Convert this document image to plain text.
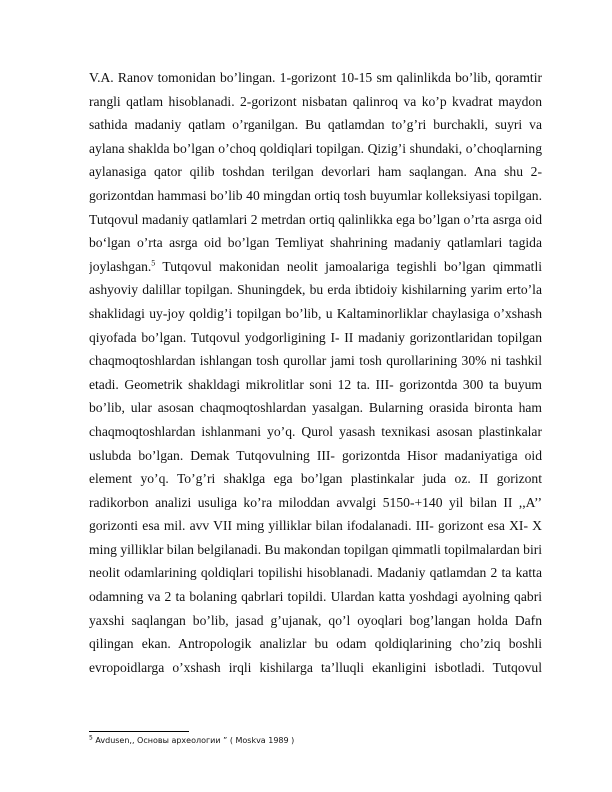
V.A. Ranov tomonidan bo’lingan. 1-gorizont 10-15 sm qalinlikda bo’lib, qoramtir
rangli qatlam hisoblanadi. 2-gorizont nisbatan qalinroq va ko’p kvadrat maydon
sathida madaniy qatlam o’rganilgan. Bu qatlamdan to’g’ri burchakli, suyri va
aylana shaklda bo’lgan o’choq qoldiqlari topilgan. Qizig’i shundaki, o’choqlarning
aylanasiga qator qilib toshdan terilgan devorlari ham saqlangan. Ana shu 2-
gorizontdan hammasi bo’lib 40 mingdan ortiq tosh buyumlar kolleksiyasi topilgan.
Tutqovul madaniy qatlamlari 2 metrdan ortiq qalinlikka ega bo’lgan o’rta asrga oid
bo‘lgan o’rta asrga oid bo’lgan Temliyat shahrining madaniy qatlamlari tagida
joylashgan.$^5$ Tutqovul makonidan neolit jamoalariga tegishli bo’lgan qimmatli
ashyoviy dalillar topilgan. Shuningdek, bu erda ibtidoiy kishilarning yarim erto’la
shaklidagi uy-joy qoldig’i topilgan bo’lib, u Kaltaminorliklar chaylasiga o’xshash
qiyofada bo’lgan. Tutqovul yodgorligining I- II madaniy gorizontlaridan topilgan
chaqmoqtoshlardan ishlangan tosh qurollar jami tosh qurollarining 30% ni tashkil
etadi. Geometrik shakldagi mikrolitlar soni 12 ta. III- gorizontda 300 ta buyum
bo’lib, ular asosan chaqmoqtoshlardan yasalgan. Bularning orasida bironta ham
chaqmoqtoshlardan ishlanmani yo’q. Qurol yasash texnikasi asosan plastinkalar
uslubda bo’lgan. Demak Tutqovulning III- gorizontda Hisor madaniyatiga oid
element yo’q. To’g’ri shaklga ega bo’lgan plastinkalar juda oz. II gorizont
radikorbon analizi usuliga ko’ra miloddan avvalgi 5150-+140 yil bilan II ,,A’’
gorizonti esa mil. avv VII ming yilliklar bilan ifodalanadi. III- gorizont esa XI- X
ming yilliklar bilan belgilanadi. Bu makondan topilgan qimmatli topilmalardan biri
neolit odamlarining qoldiqlari topilishi hisoblanadi. Madaniy qatlamdan 2 ta katta
odamning va 2 ta bolaning qabrlari topildi. Ulardan katta yoshdagi ayolning qabri
yaxshi saqlangan bo’lib, jasad g’ujanak, qo’l oyoqlari bog’langan holda Dafn
qilingan ekan. Antropologik analizlar bu odam qoldiqlarining cho’ziq boshli
evropoidlarga o’xshash irqli kishilarga ta’lluqli ekanligini isbotladi. Tutqovul
$^5$ Avdusen,, Основы археологии ” ( Moskva 1989 )
